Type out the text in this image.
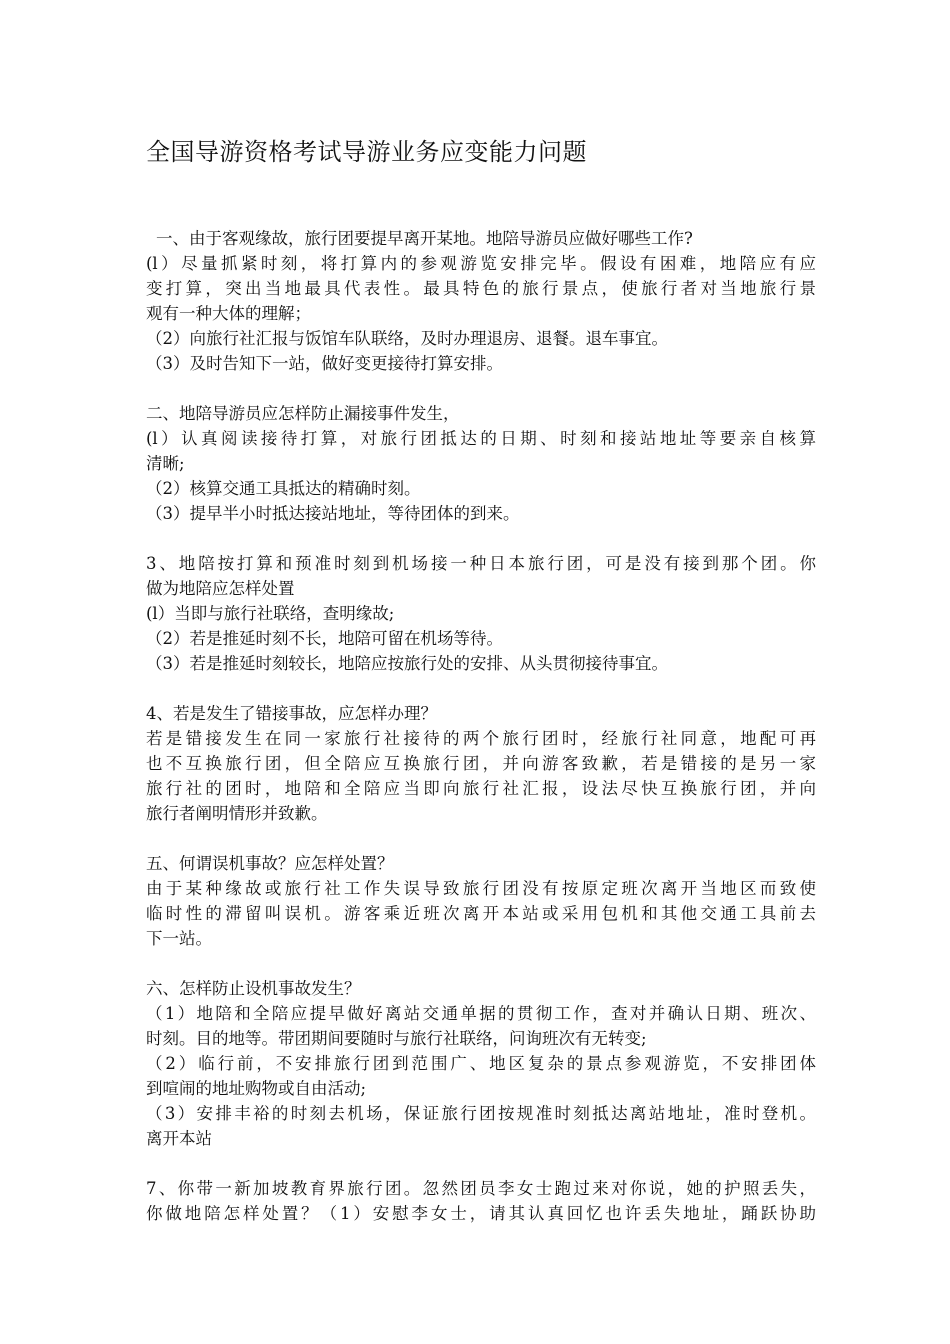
全国导游资格考试导游业务应变能力问题
一、由于客观缘故，旅行团要提早离开某地。地陪导游员应做好哪些工作?
(l）尽量抓紧时刻，将打算内的参观游览安排完毕。假设有困难，地陪应有应
变打算，突出当地最具代表性。最具特色的旅行景点，使旅行者对当地旅行景
观有一种大体的理解；
（2）向旅行社汇报与饭馆车队联络，及时办理退房、退餐。退车事宜。
（3）及时告知下一站，做好变更接待打算安排。
二、地陪导游员应怎样防止漏接事件发生，
(l）认真阅读接待打算，对旅行团抵达的日期、时刻和接站地址等要亲自核算
清晰;
（2）核算交通工具抵达的精确时刻。
（3）提早半小时抵达接站地址，等待团体的到来。
3、地陪按打算和预准时刻到机场接一种日本旅行团，可是没有接到那个团。你
做为地陪应怎样处置
(l）当即与旅行社联络，查明缘故;
（2）若是推延时刻不长，地陪可留在机场等待。
（3）若是推延时刻较长，地陪应按旅行处的安排、从头贯彻接待事宜。
4、若是发生了错接事故，应怎样办理？
若是错接发生在同一家旅行社接待的两个旅行团时，经旅行社同意，地配可再
也不互换旅行团，但全陪应互换旅行团，并向游客致歉，若是错接的是另一家
旅行社的团时，地陪和全陪应当即向旅行社汇报，设法尽快互换旅行团，并向
旅行者阐明情形并致歉。
五、何谓误机事故？应怎样处置？
由于某种缘故或旅行社工作失误导致旅行团没有按原定班次离开当地区而致使
临时性的滞留叫误机。游客乘近班次离开本站或采用包机和其他交通工具前去
下一站。
六、怎样防止设机事故发生？
（1）地陪和全陪应提早做好离站交通单据的贯彻工作，查对并确认日期、班次、
时刻。目的地等。带团期间要随时与旅行社联络，问询班次有无转变;
（2）临行前，不安排旅行团到范围广、地区复杂的景点参观游览，不安排团体
到喧闹的地址购物或自由活动;
（3）安排丰裕的时刻去机场，保证旅行团按规准时刻抵达离站地址，准时登机。
离开本站
7、你带一新加坡教育界旅行团。忽然团员李女士跑过来对你说，她的护照丢失，
你做地陪怎样处置？（1）安慰李女士，请其认真回忆也许丢失地址，踊跃协助
